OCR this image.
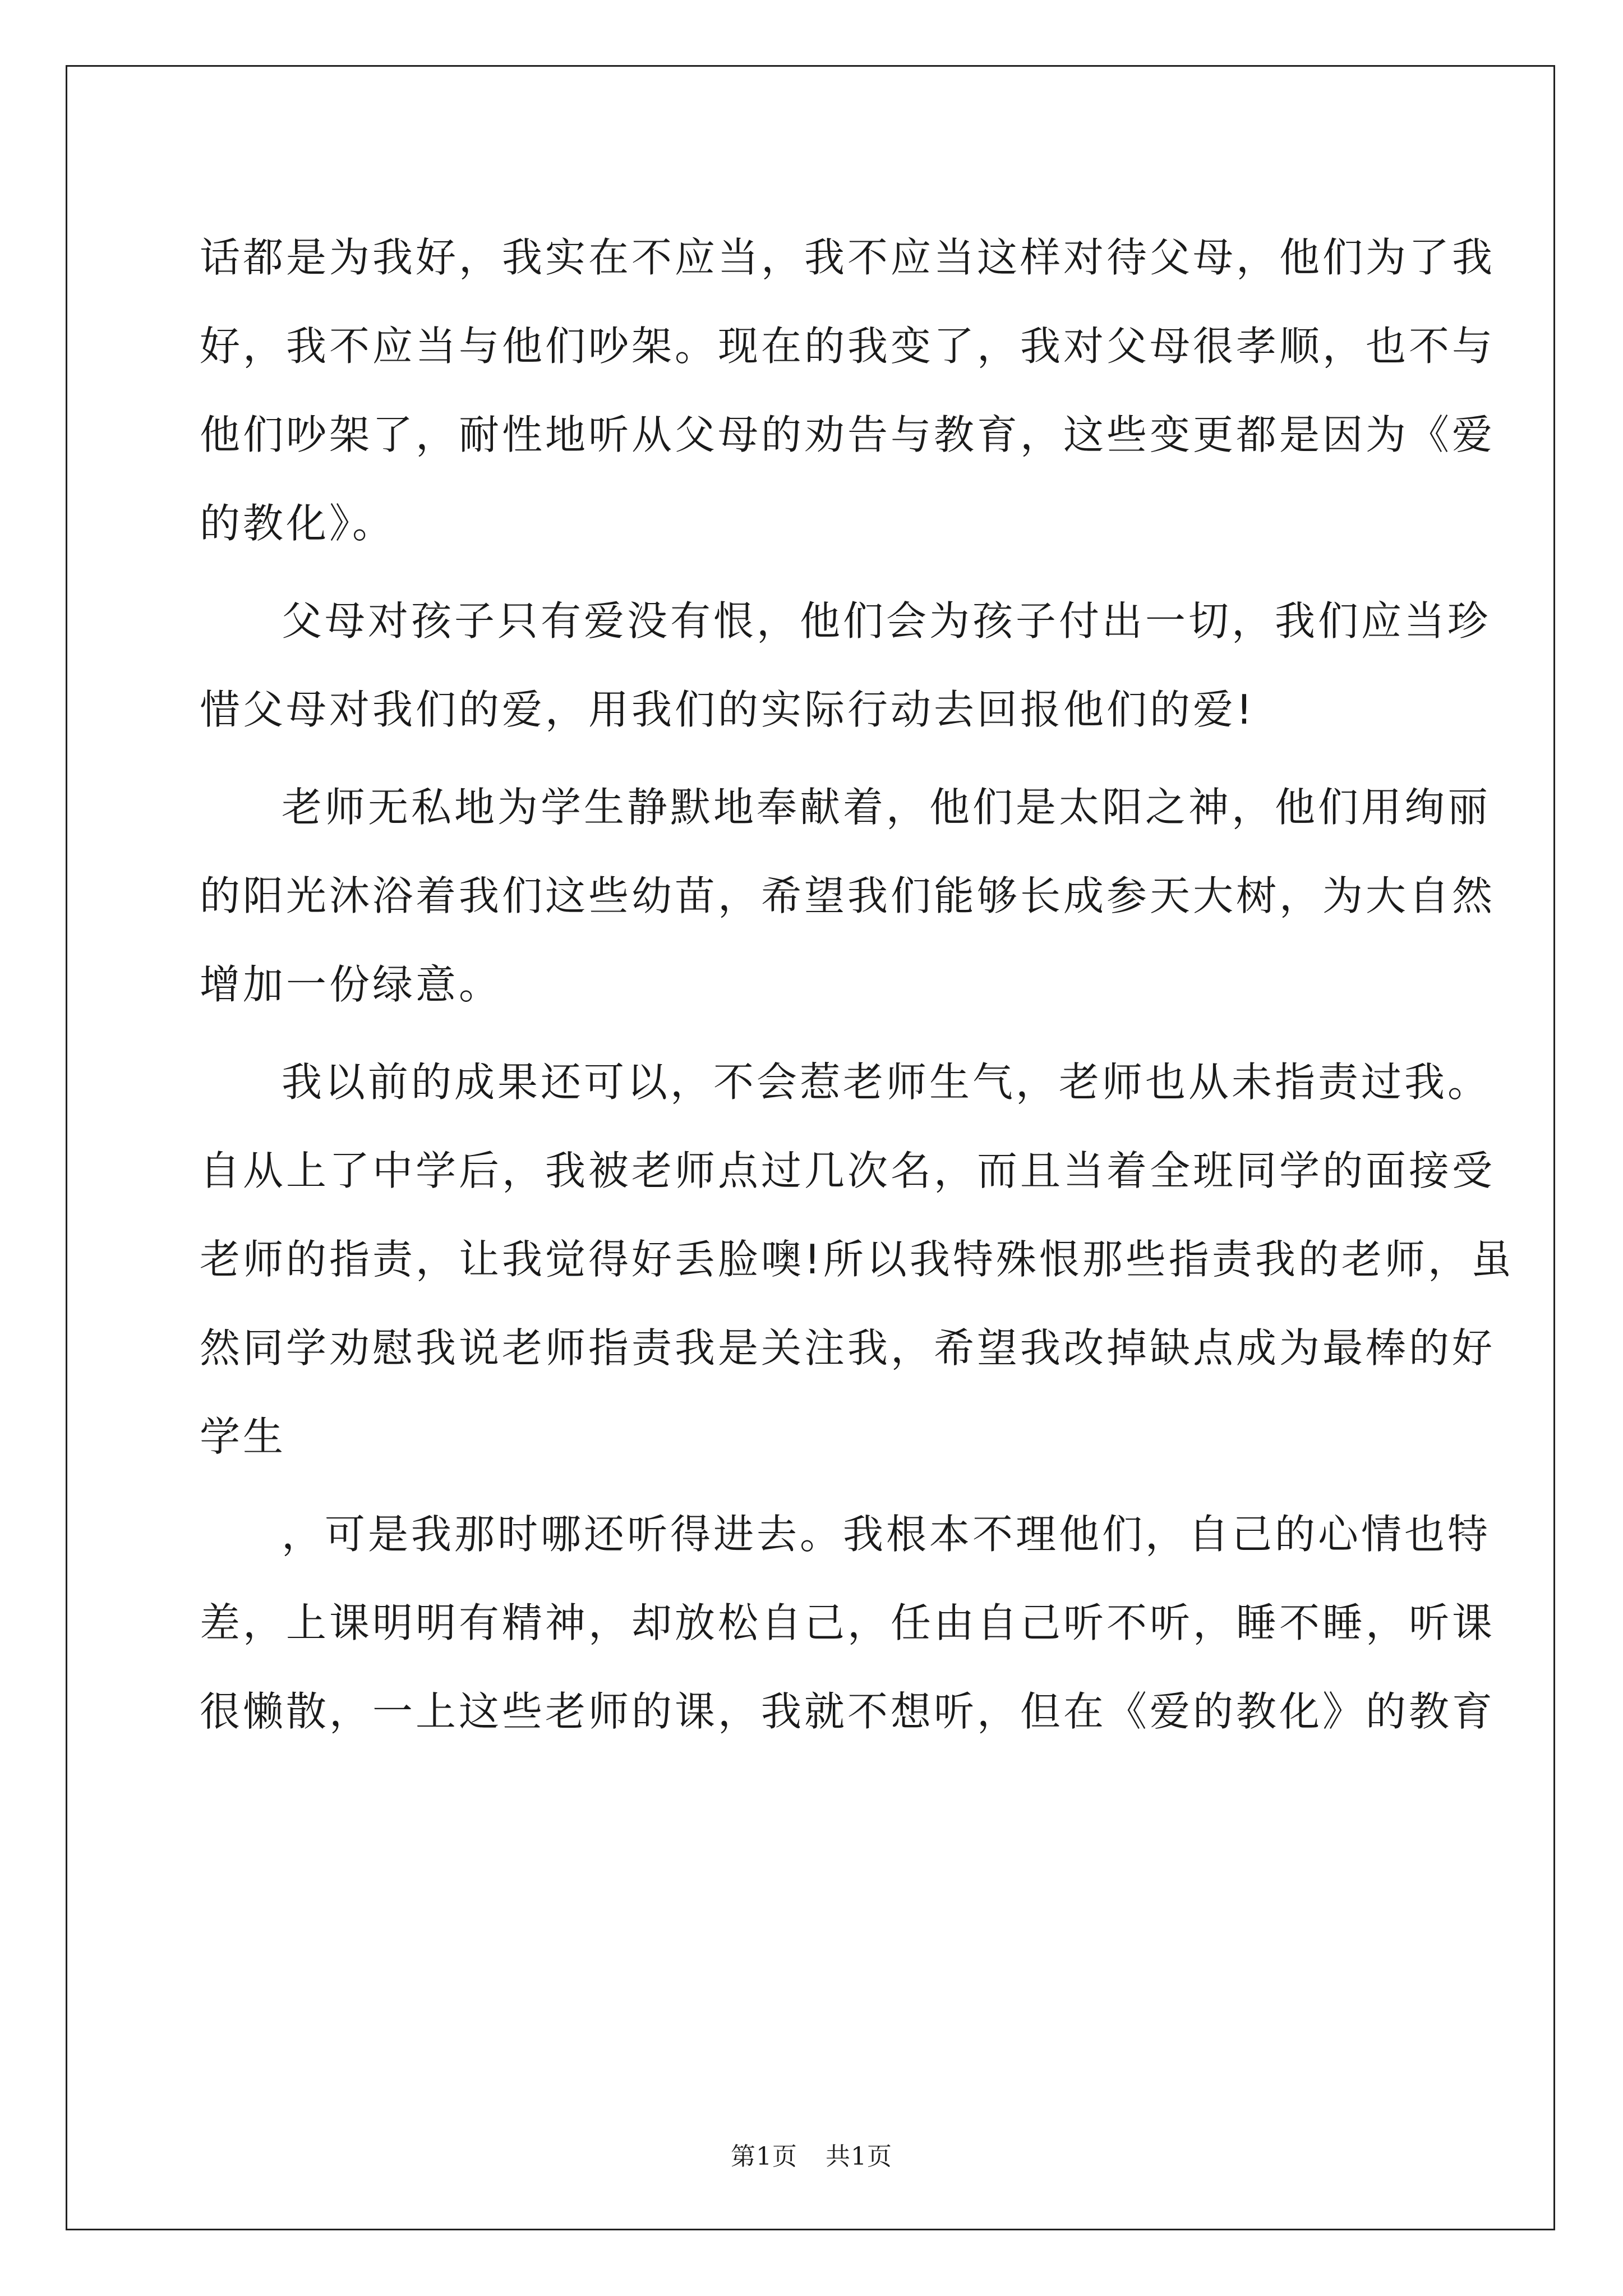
话都是为我好，我实在不应当，我不应当这样对待父母，他们为了我
好，我不应当与他们吵架。现在的我变了，我对父母很孝顺，也不与
他们吵架了，耐性地听从父母的劝告与教育，这些变更都是因为《爱
的教化》。
父母对孩子只有爱没有恨，他们会为孩子付出一切，我们应当珍
惜父母对我们的爱，用我们的实际行动去回报他们的爱!
老师无私地为学生静默地奉献着，他们是太阳之神，他们用绚丽
的阳光沐浴着我们这些幼苗，希望我们能够长成参天大树，为大自然
增加一份绿意。
我以前的成果还可以，不会惹老师生气，老师也从未指责过我。
自从上了中学后，我被老师点过几次名，而且当着全班同学的面接受
老师的指责，让我觉得好丢脸噢!所以我特殊恨那些指责我的老师，虽
然同学劝慰我说老师指责我是关注我，希望我改掉缺点成为最棒的好
学生
，可是我那时哪还听得进去。我根本不理他们，自己的心情也特
差，上课明明有精神，却放松自己，任由自己听不听，睡不睡，听课
很懒散，一上这些老师的课，我就不想听，但在《爱的教化》的教育
第1页 共1页
